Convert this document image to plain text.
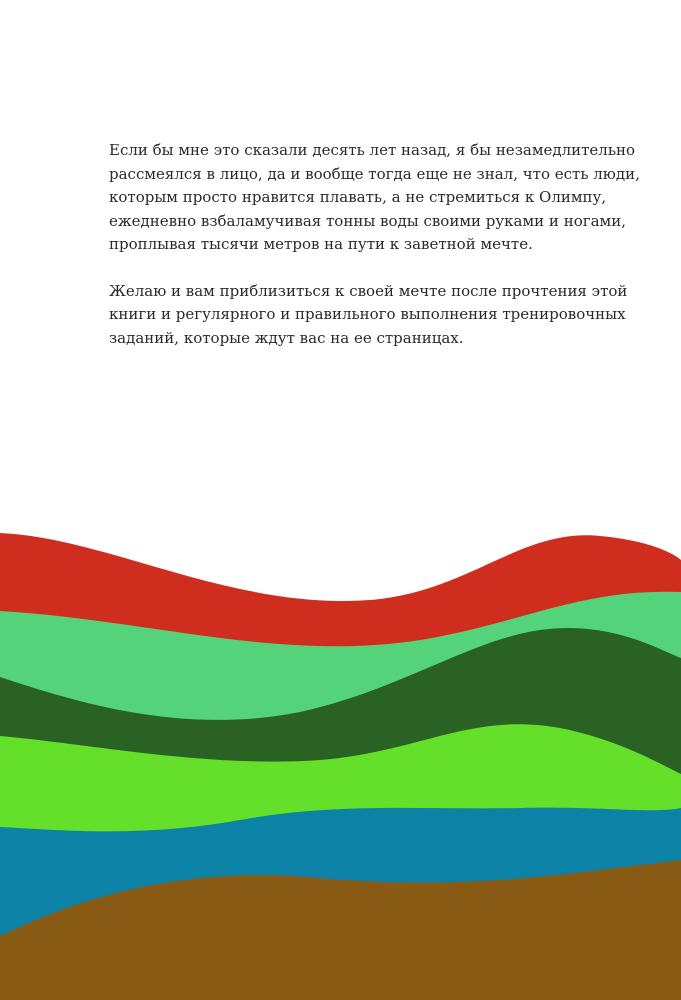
Если бы мне это сказали десять лет назад, я бы незамедлительно
рассмеялся в лицо, да и вообще тогда еще не знал, что есть люди,
которым просто нравится плавать, а не стремиться к Олимпу,
ежедневно взбаламучивая тонны воды своими руками и ногами,
проплывая тысячи метров на пути к заветной мечте.

Желаю и вам приблизиться к своей мечте после прочтения этой
книги и регулярного и правильного выполнения тренировочных
заданий, которые ждут вас на ее страницах.
